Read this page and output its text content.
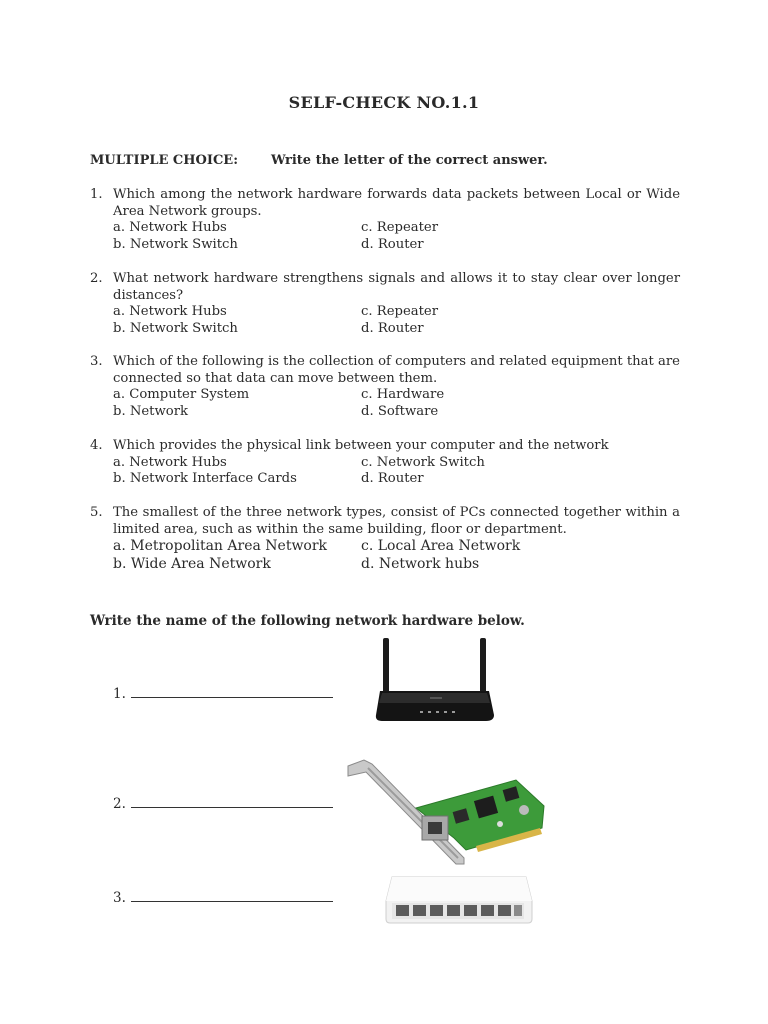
SELF-CHECK NO.1.1
MULTIPLE CHOICE:	Write the letter of the correct answer.
1. Which among the network hardware forwards data packets between Local or Wide Area Network groups.
a. Network Hubs	c. Repeater
b. Network Switch	d. Router
2. What network hardware strengthens signals and allows it to stay clear over longer distances?
a. Network Hubs	c. Repeater
b. Network Switch	d. Router
3. Which of the following is the collection of computers and related equipment that are connected so that data can move between them.
a. Computer System	c. Hardware
b. Network	d. Software
4. Which provides the physical link between your computer and the network
a. Network Hubs	c. Network Switch
b. Network Interface Cards	d. Router
5. The smallest of the three network types, consist of PCs connected together within a limited area, such as within the same building, floor or department.
a. Metropolitan Area Network c. Local Area Network
b. Wide Area Network	d. Network hubs
Write the name of the following network hardware below.
1.
2.
3.
